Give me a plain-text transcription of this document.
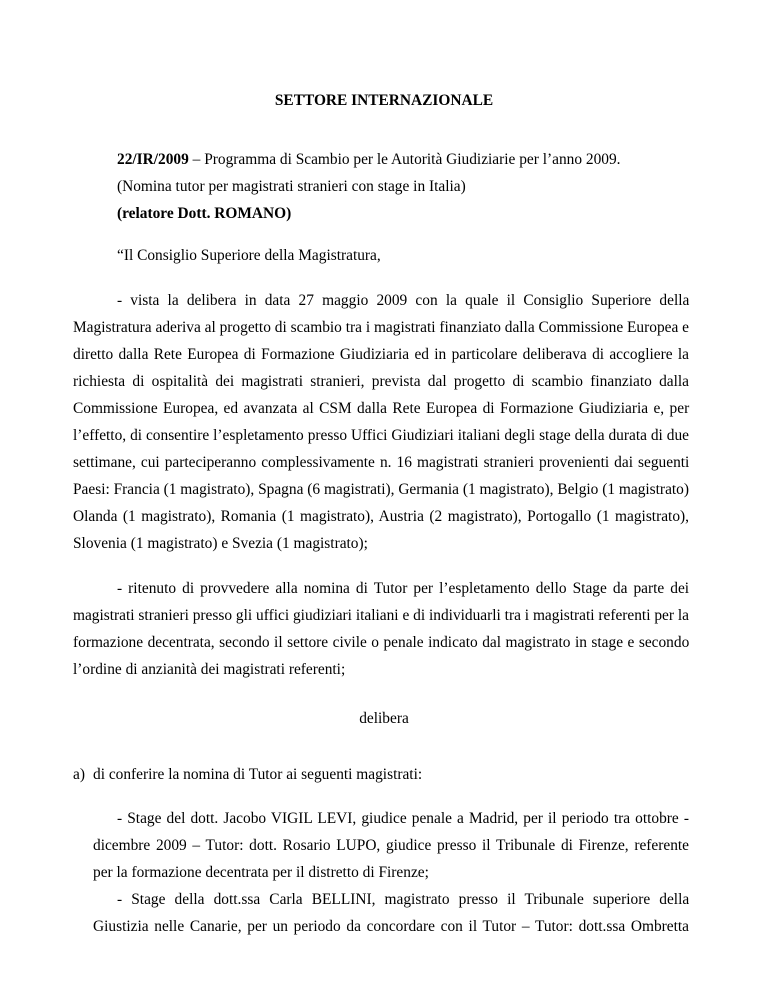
SETTORE INTERNAZIONALE
22/IR/2009 – Programma di Scambio per le Autorità Giudiziarie per l’anno 2009.
(Nomina tutor per magistrati stranieri con stage in Italia)
(relatore Dott. ROMANO)
“Il Consiglio Superiore della Magistratura,
- vista la delibera in data 27 maggio 2009 con la quale il Consiglio Superiore della
Magistratura aderiva al progetto di scambio tra i magistrati finanziato dalla Commissione Europea e
diretto dalla Rete Europea di Formazione Giudiziaria ed in particolare deliberava di accogliere la
richiesta di ospitalità dei magistrati stranieri, prevista dal progetto di scambio finanziato dalla
Commissione Europea, ed avanzata al CSM dalla Rete Europea di Formazione Giudiziaria e, per
l’effetto, di consentire l’espletamento presso Uffici Giudiziari italiani degli stage della durata di due
settimane, cui parteciperanno complessivamente n. 16 magistrati stranieri provenienti dai seguenti
Paesi: Francia (1 magistrato), Spagna (6 magistrati), Germania (1 magistrato), Belgio (1 magistrato)
Olanda (1 magistrato), Romania (1 magistrato), Austria (2 magistrato), Portogallo (1 magistrato),
Slovenia (1 magistrato) e Svezia (1 magistrato);
- ritenuto di provvedere alla nomina di Tutor per l’espletamento dello Stage da parte dei
magistrati stranieri presso gli uffici giudiziari italiani e di individuarli tra i magistrati referenti per la
formazione decentrata, secondo il settore civile o penale indicato dal magistrato in stage e secondo
l’ordine di anzianità dei magistrati referenti;
delibera
a) di conferire la nomina di Tutor ai seguenti magistrati:
- Stage del dott. Jacobo VIGIL LEVI, giudice penale a Madrid, per il periodo tra ottobre -
dicembre 2009 – Tutor: dott. Rosario LUPO, giudice presso il Tribunale di Firenze, referente
per la formazione decentrata per il distretto di Firenze;
- Stage della dott.ssa Carla BELLINI, magistrato presso il Tribunale superiore della
Giustizia nelle Canarie, per un periodo da concordare con il Tutor – Tutor: dott.ssa Ombretta
